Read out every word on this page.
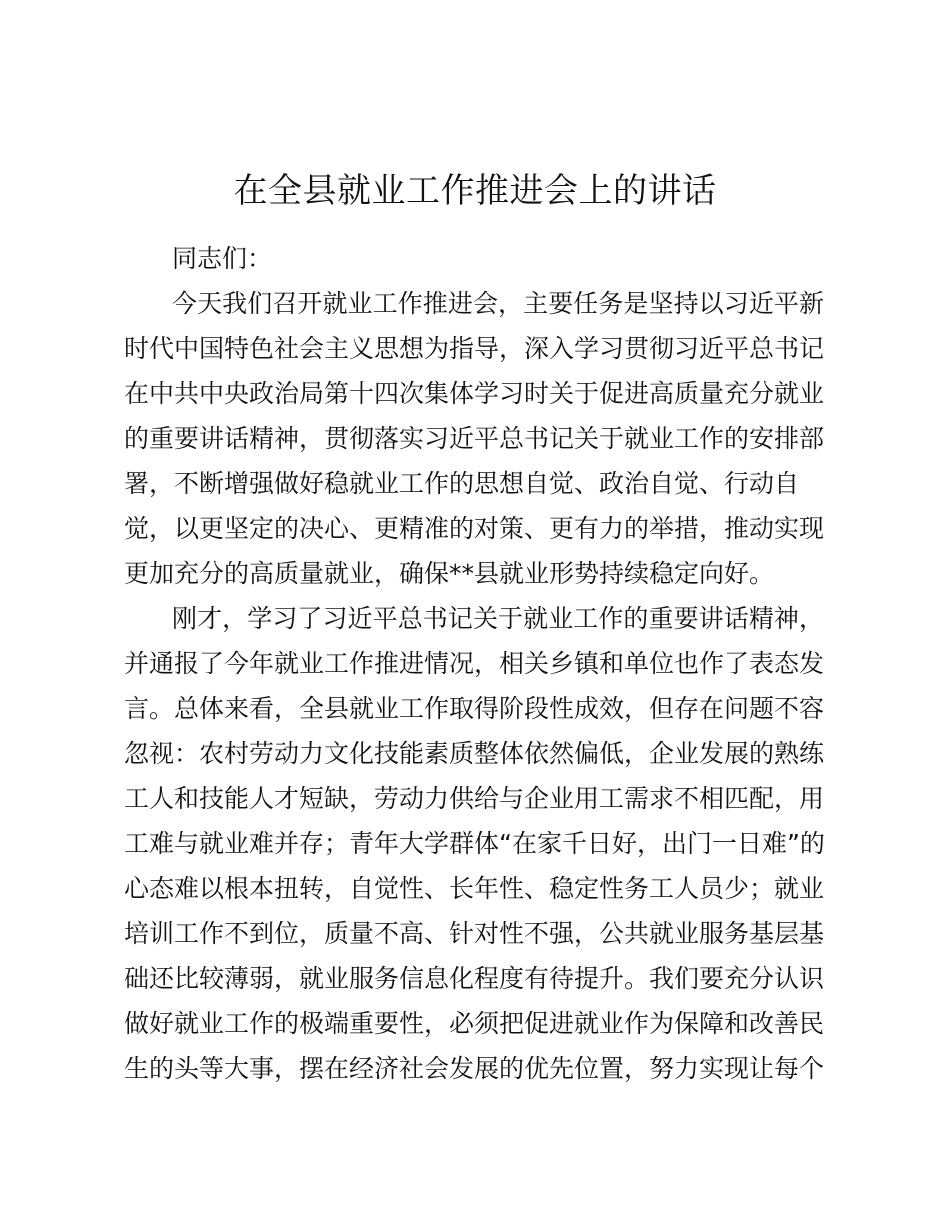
在全县就业工作推进会上的讲话
同志们：
今天我们召开就业工作推进会，主要任务是坚持以习近平新
时代中国特色社会主义思想为指导，深入学习贯彻习近平总书记
在中共中央政治局第十四次集体学习时关于促进高质量充分就业
的重要讲话精神，贯彻落实习近平总书记关于就业工作的安排部
署，不断增强做好稳就业工作的思想自觉、政治自觉、行动自
觉，以更坚定的决心、更精准的对策、更有力的举措，推动实现
更加充分的高质量就业，确保**县就业形势持续稳定向好。
刚才，学习了习近平总书记关于就业工作的重要讲话精神，
并通报了今年就业工作推进情况，相关乡镇和单位也作了表态发
言。总体来看，全县就业工作取得阶段性成效，但存在问题不容
忽视：农村劳动力文化技能素质整体依然偏低，企业发展的熟练
工人和技能人才短缺，劳动力供给与企业用工需求不相匹配，用
工难与就业难并存；青年大学群体“在家千日好，出门一日难”的
心态难以根本扭转，自觉性、长年性、稳定性务工人员少；就业
培训工作不到位，质量不高、针对性不强，公共就业服务基层基
础还比较薄弱，就业服务信息化程度有待提升。我们要充分认识
做好就业工作的极端重要性，必须把促进就业作为保障和改善民
生的头等大事，摆在经济社会发展的优先位置，努力实现让每个
